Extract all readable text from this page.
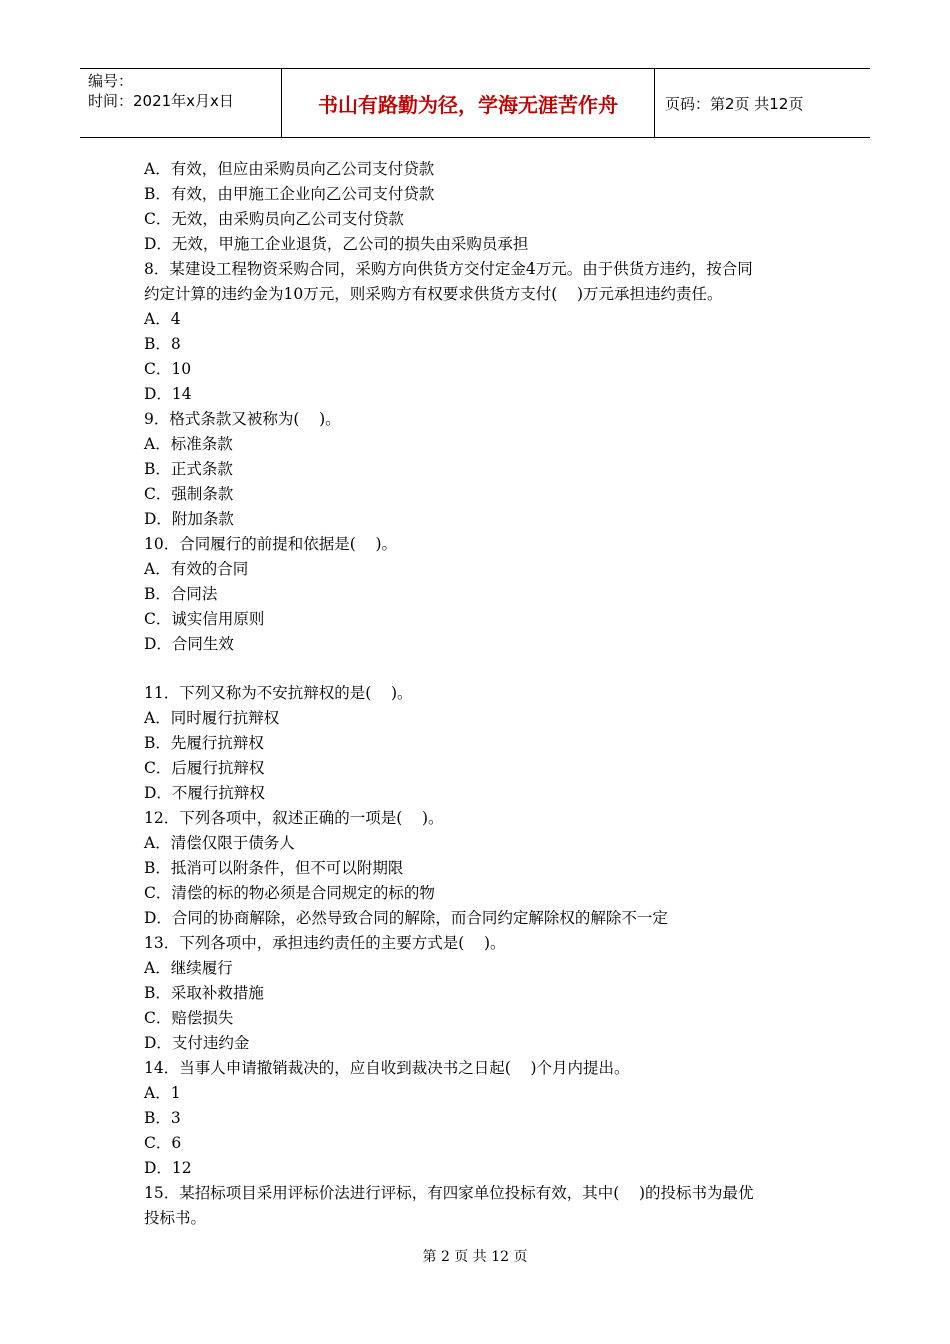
编号：
时间：2021年x月x日	书山有路勤为径，学海无涯苦作舟	页码：第2页 共12页

A．有效，但应由采购员向乙公司支付贷款

B．有效，由甲施工企业向乙公司支付贷款

C．无效，由采购员向乙公司支付贷款

D．无效，甲施工企业退货，乙公司的损失由采购员承担

8．某建设工程物资采购合同，采购方向供货方交付定金4万元。由于供货方违约，按合同

约定计算的违约金为10万元，则采购方有权要求供货方支付(    )万元承担违约责任。

A．4

B．8

C．10

D．14

9．格式条款又被称为(    )。

A．标准条款

B．正式条款

C．强制条款

D．附加条款

10．合同履行的前提和依据是(    )。

A．有效的合同

B．合同法

C．诚实信用原则

D．合同生效

11．下列又称为不安抗辩权的是(    )。

A．同时履行抗辩权

B．先履行抗辩权

C．后履行抗辩权

D．不履行抗辩权

12．下列各项中，叙述正确的一项是(    )。

A．清偿仅限于债务人

B．抵消可以附条件，但不可以附期限

C．清偿的标的物必须是合同规定的标的物

D．合同的协商解除，必然导致合同的解除，而合同约定解除权的解除不一定

13．下列各项中，承担违约责任的主要方式是(    )。

A．继续履行

B．采取补救措施

C．赔偿损失

D．支付违约金

14．当事人申请撤销裁决的，应自收到裁决书之日起(    )个月内提出。

A．1

B．3

C．6

D．12

15．某招标项目采用评标价法进行评标，有四家单位投标有效，其中(    )的投标书为最优

投标书。

第 2 页 共 12 页
